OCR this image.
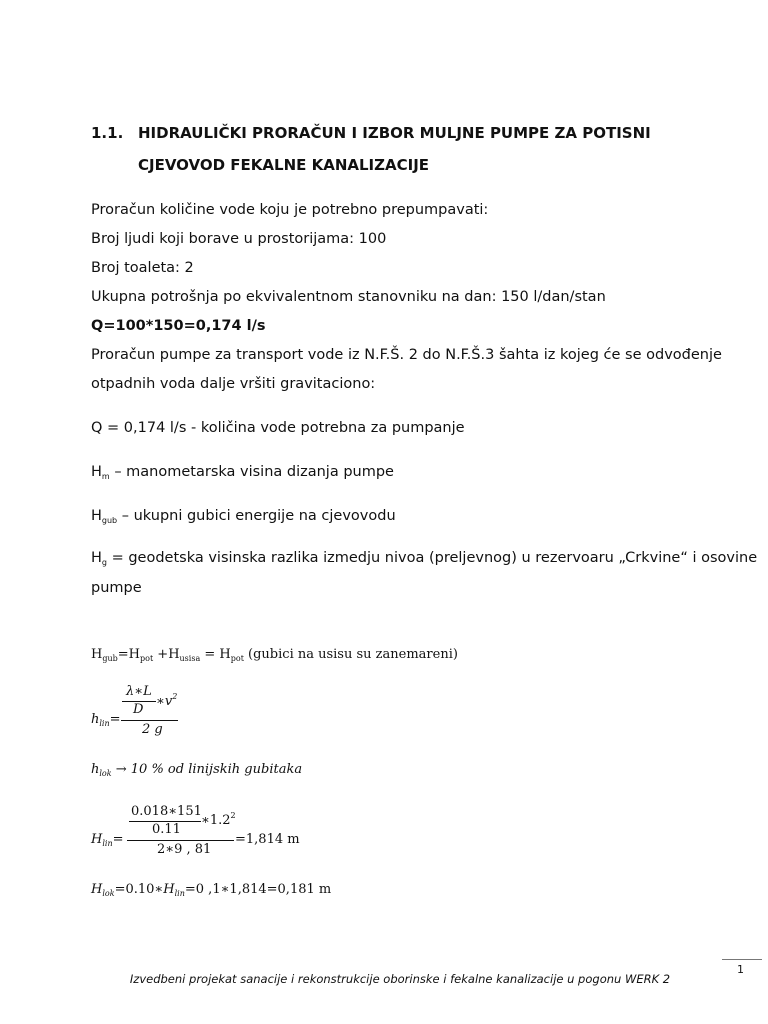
1.1. HIDRAULIČKI PRORAČUN I IZBOR MULJNE PUMPE ZA POTISNI
CJEVOVOD FEKALNE KANALIZACIJE
Proračun količine vode koju je potrebno prepumpavati:
Broj ljudi koji borave u prostorijama: 100
Broj toaleta: 2
Ukupna potrošnja po ekvivalentnom stanovniku na dan: 150 l/dan/stan
Q=100*150=0,174 l/s
Proračun pumpe za transport vode iz N.F.Š. 2 do N.F.Š.3 šahta iz kojeg će se odvođenje
otpadnih voda dalje vršiti gravitaciono:
Q = 0,174 l/s - količina vode potrebna za pumpanje
$H_m$ – manometarska visina dizanja pumpe
$H_{gub}$ – ukupni gubici energije na cjevovodu
$H_g$ = geodetska visinska razlika izmedju nivoa (preljevnog) u rezervoaru „Crkvine“ i osovine
pumpe
$H_{gub}=H_{pot} +H_{usisa} = H_{pot}$ (gubici na usisu su zanemareni)
λ∗L
D
$∗v^2$
$h_{lin}=$
2 g
$h_{lok} \to 10$ % od linijskih gubitaka
0.018∗151
0.11
$∗1.2^2$
$H_{lin}=$
2∗9 , 81
=1,814 m
$H_{lok}=0.10∗H_{lin}=0$ ,1∗1,814=0,181 m
1
Izvedbeni projekat sanacije i rekonstrukcije oborinske i fekalne kanalizacije u pogonu WERK 2
